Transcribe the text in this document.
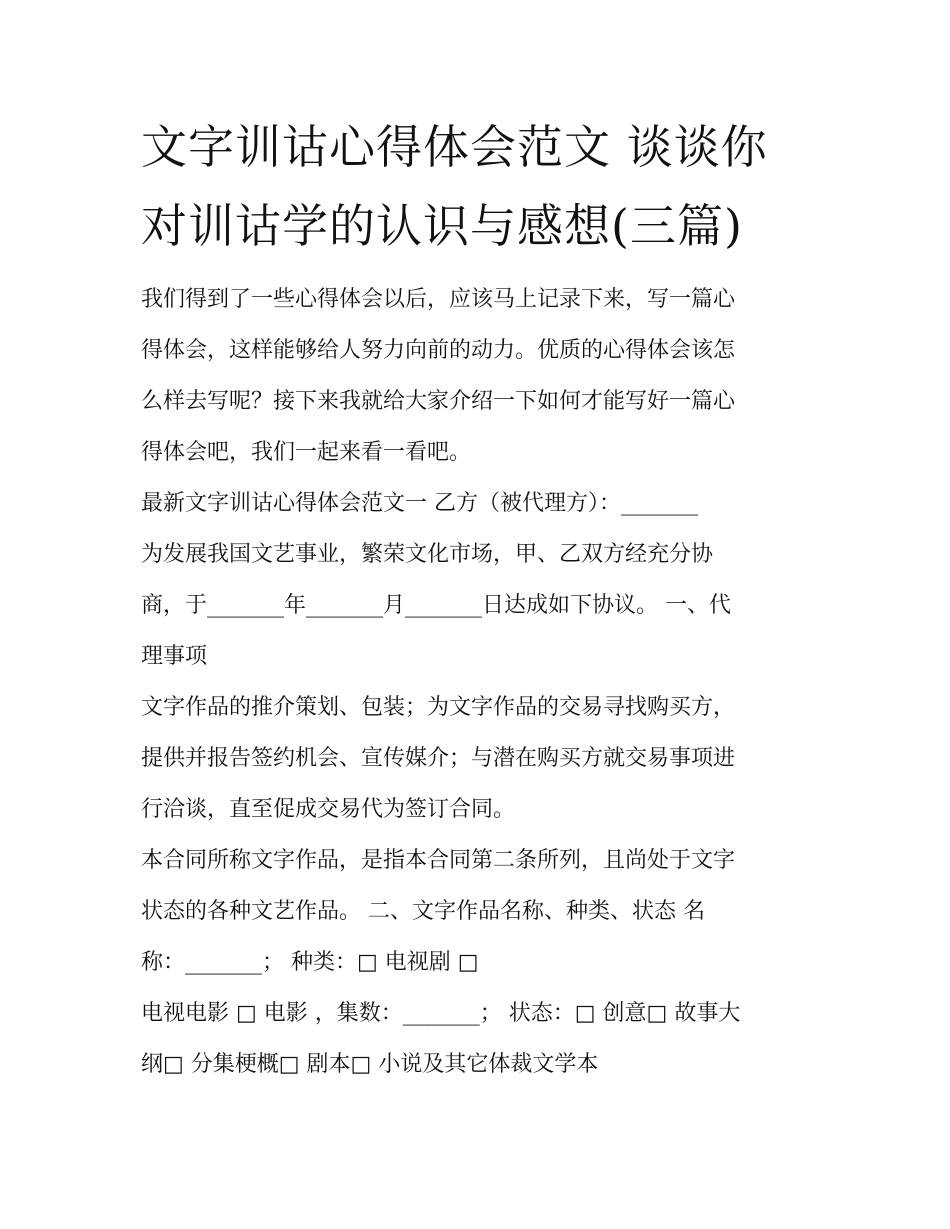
文字训诂心得体会范文 谈谈你
对训诂学的认识与感想(三篇)

我们得到了一些心得体会以后，应该马上记录下来，写一篇心
得体会，这样能够给人努力向前的动力。优质的心得体会该怎
么样去写呢？接下来我就给大家介绍一下如何才能写好一篇心
得体会吧，我们一起来看一看吧。

最新文字训诂心得体会范文一 乙方（被代理方）：_______

为发展我国文艺事业，繁荣文化市场，甲、乙双方经充分协
商，于_______年_______月_______日达成如下协议。 一、代
理事项

文字作品的推介策划、包装；为文字作品的交易寻找购买方，
提供并报告签约机会、宣传媒介；与潜在购买方就交易事项进
行洽谈，直至促成交易代为签订合同。

本合同所称文字作品，是指本合同第二条所列，且尚处于文字
状态的各种文艺作品。 二、文字作品名称、种类、状态 名
称：_______； 种类：□ 电视剧 □

电视电影 □ 电影 ，集数：_______； 状态：□ 创意□ 故事大
纲□ 分集梗概□ 剧本□ 小说及其它体裁文学本
